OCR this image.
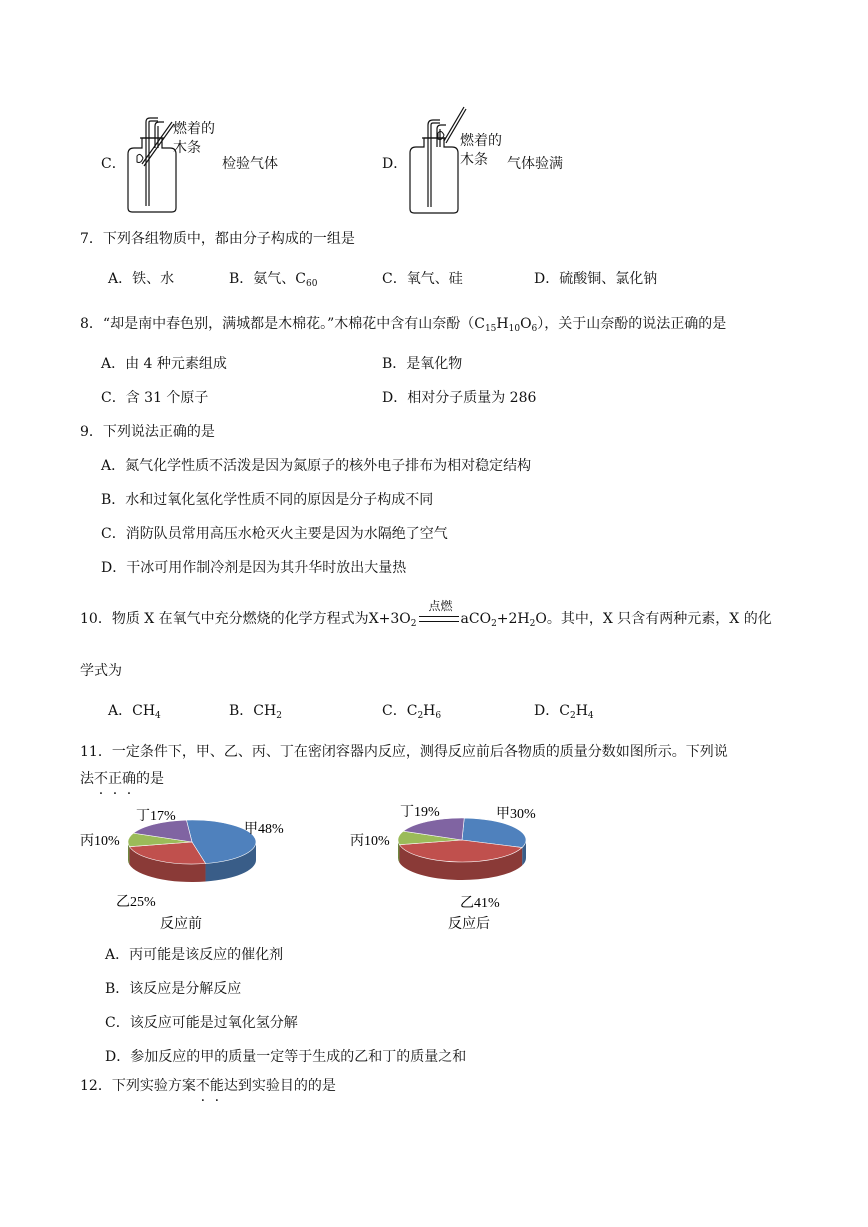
C．
燃着的
木条
检验气体	D．
燃着的
木条 气体验满
7．下列各组物质中，都由分子构成的一组是
A．铁、水	B．氨气、$C_{60}$	C．氧气、硅	D．硫酸铜、氯化钠
8．“却是南中春色别，满城都是木棉花。”木棉花中含有山奈酚$(C_{15}H_{10}O_6)$，关于山奈酚的说法正确的是
A．由 4 种元素组成	B．是氧化物
C．含 31 个原子	D．相对分子质量为 286
9．下列说法正确的是
A．氮气化学性质不活泼是因为氮原子的核外电子排布为相对稳定结构
B．水和过氧化氢化学性质不同的原因是分子构成不同
C．消防队员常用高压水枪灭火主要是因为水隔绝了空气
D．干冰可用作制冷剂是因为其升华时放出大量热
10．物质 X 在氧气中充分燃烧的化学方程式为$X+3O_2$
点燃
$aCO_2+2H_2O$。其中，X 只含有两种元素，X 的化
学式为
A．$CH_4$	B．$CH_2$	C．$C_2H_6$	D．$C_2H_4$
11．一定条件下，甲、乙、丙、丁在密闭容器内反应，测得反应前后各物质的质量分数如图所示。下列说
法不正确的是
丁17%
甲48%
丙10%
乙25%
反应前
丁19%	甲30%
丙10%
乙41%
反应后
A．丙可能是该反应的催化剂
B．该反应是分解反应
C．该反应可能是过氧化氢分解
D．参加反应的甲的质量一定等于生成的乙和丁的质量之和
12．下列实验方案不能达到实验目的的是
